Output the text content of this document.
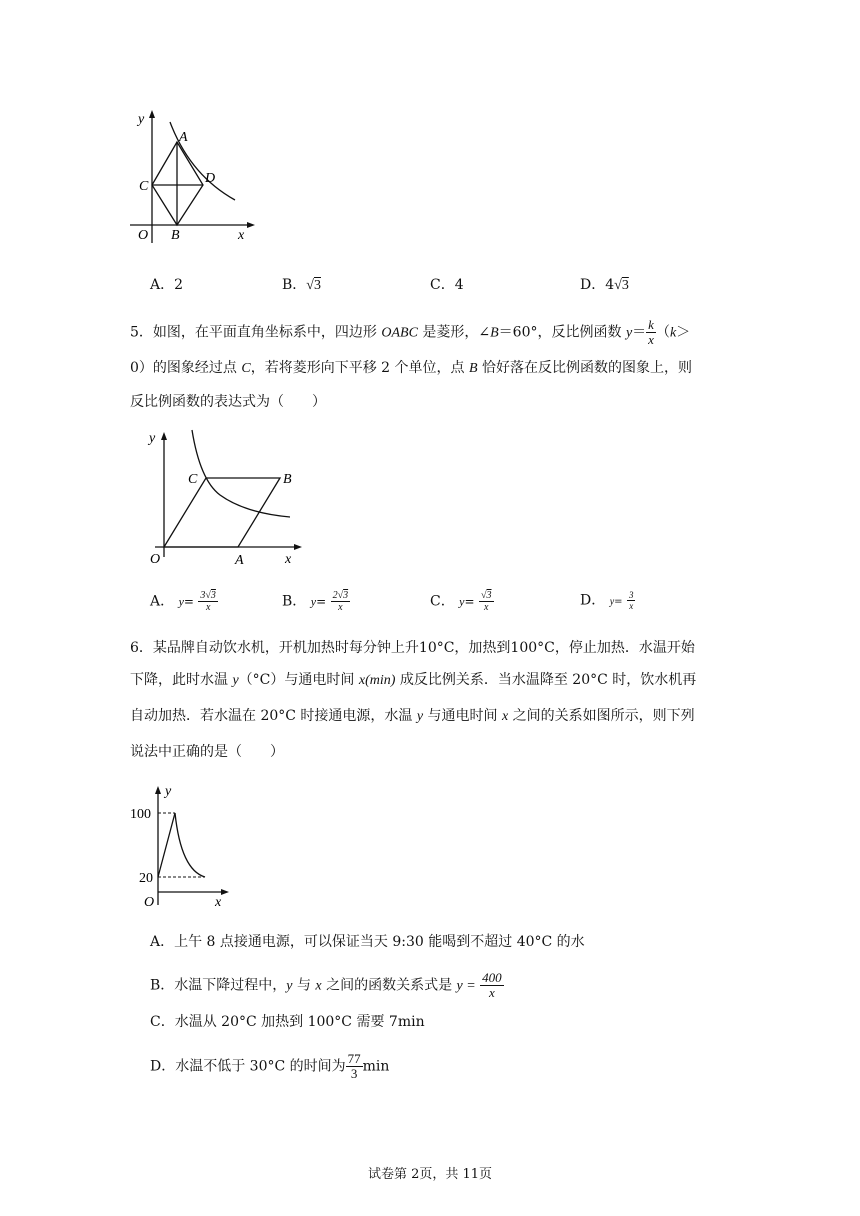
y
x
O
A
B
C
D
A．2	B．√3	C．4	D．4√3
5．如图，在平面直角坐标系中，四边形 OABC 是菱形，∠B＝60°，反比例函数 $y= \frac{k}{x} (k>$
0）的图象经过点 C，若将菱形向下平移 2 个单位，点 B 恰好落在反比例函数的图象上，则
反比例函数的表达式为（　　）
y
x
O	A
B
C
A． $y= \frac{3√3}{x}$	B． $y= \frac{2√3}{x}$	C． $y= \frac{√3}{x}$	D． $y= \frac{3}{x}$
6．某品牌自动饮水机，开机加热时每分钟上升10°C，加热到100°C，停止加热．水温开始
下降，此时水温 y（°C）与通电时间 x(min) 成反比例关系．当水温降至 20°C 时，饮水机再
自动加热．若水温在 20°C 时接通电源，水温 y 与通电时间 x 之间的关系如图所示，则下列
说法中正确的是（　　）
y
x
O
100
20
A．上午 8 点接通电源，可以保证当天 9:30 能喝到不超过 40°C 的水
B．水温下降过程中，y 与 x 之间的函数关系式是 $y = \frac{400}{x}$
C．水温从 20°C 加热到 100°C 需要 7min
D．水温不低于 30°C 的时间为 $\frac{77}{3}$ min
试卷第 2页，共 11页
